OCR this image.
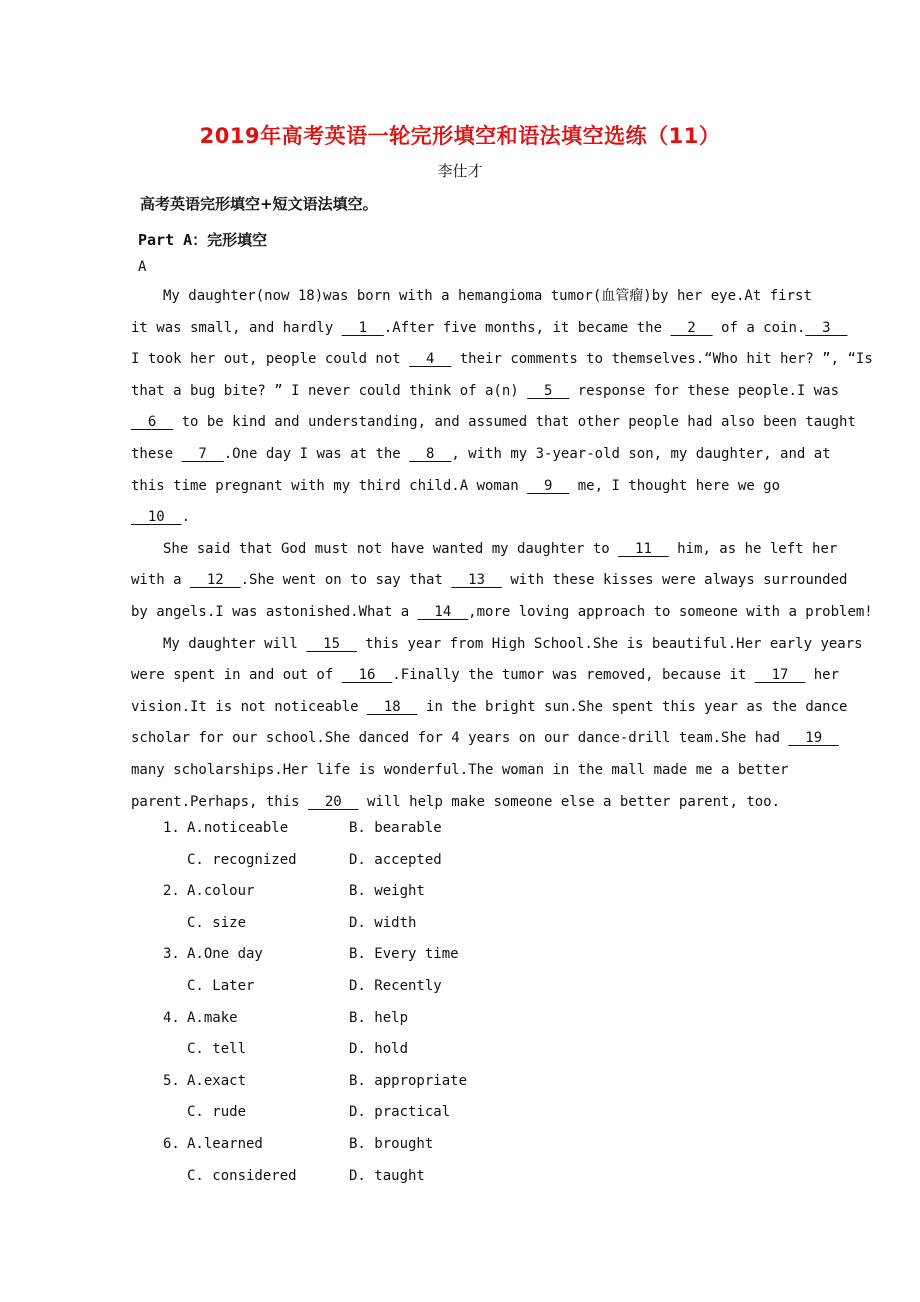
2019年高考英语一轮完形填空和语法填空选练（11）
李仕才
高考英语完形填空+短文语法填空。
Part A：完形填空
A
My daughter(now 18)was born with a hemangioma tumor(血管瘤)by her eye.At first
it was small, and hardly   1  .After five months, it became the   2   of a coin.  3
I took her out, people could not   4   their comments to themselves.“Who hit her? ”, “Is
that a bug bite? ” I never could think of a(n)   5   response for these people.I was
6   to be kind and understanding, and assumed that other people had also been taught
these   7  .One day I was at the   8  , with my 3-year-old son, my daughter, and at
this time pregnant with my third child.A woman   9   me, I thought here we go
10  .
She said that God must not have wanted my daughter to   11   him, as he left her
with a   12  .She went on to say that   13   with these kisses were always surrounded
by angels.I was astonished.What a   14  ,more loving approach to someone with a problem!
My daughter will   15   this year from High School.She is beautiful.Her early years
were spent in and out of   16  .Finally the tumor was removed, because it   17   her
vision.It is not noticeable   18   in the bright sun.She spent this year as the dance
scholar for our school.She danced for 4 years on our dance-drill team.She had   19
many scholarships.Her life is wonderful.The woman in the mall made me a better
parent.Perhaps, this   20   will help make someone else a better parent, too.
1. A.noticeable	B. bearable
C. recognized	D. accepted
2. A.colour	B. weight
C. size	D. width
3. A.One day	B. Every time
C. Later	D. Recently
4. A.make	B. help
C. tell	D. hold
5. A.exact	B. appropriate
C. rude	D. practical
6. A.learned	B. brought
C. considered	D. taught
